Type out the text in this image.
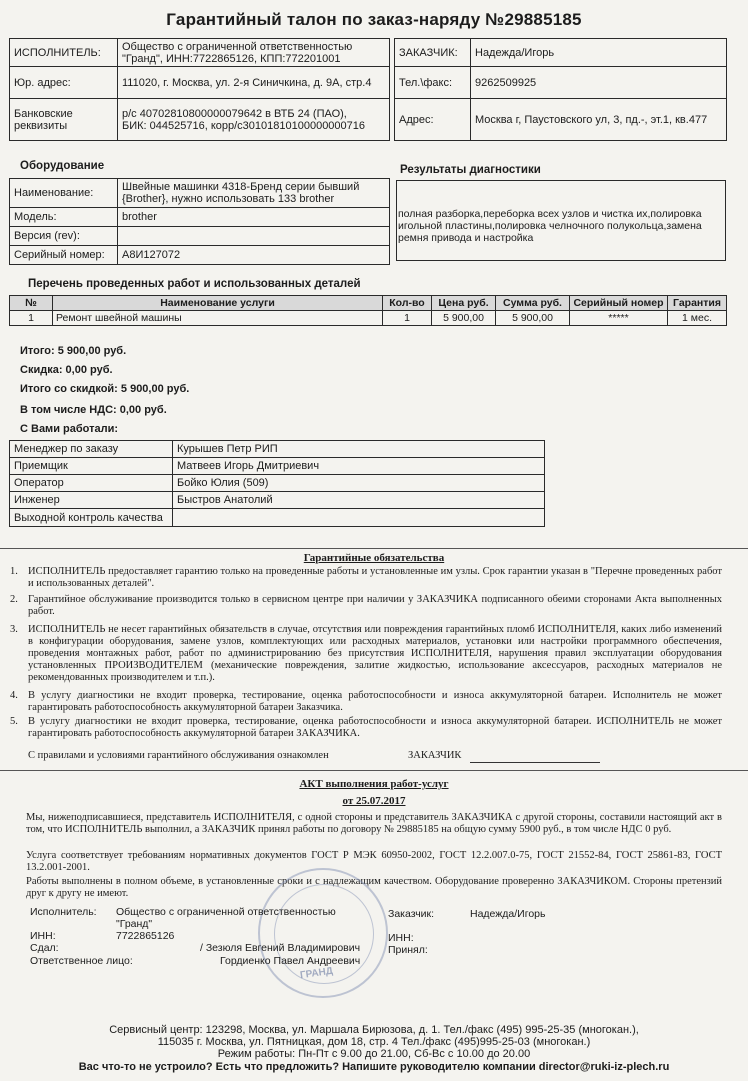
Гарантийный талон по заказ-наряду №29885185
ИСПОЛНИТЕЛЬ:	Общество с ограниченной ответственностью "Гранд", ИНН:7722865126, КПП:772201001
Юр. адрес:	111020, г. Москва, ул. 2-я Синичкина, д. 9А, стр.4
Банковские реквизиты	р/с 40702810800000079642 в ВТБ 24 (ПАО),
БИК: 044525716, корр/с30101810100000000716
ЗАКАЗЧИК:	Надежда/Игорь
Тел.\факс:	9262509925
Адрес:	Москва г, Паустовского ул, 3, пд.-, эт.1, кв.477
Оборудование
Наименование:	Швейные машинки 4318-Бренд серии бывший {Brother}, нужно использовать 133 brother
Модель:	brother
Версия (rev):	
Серийный номер:	А8И127072
Результаты диагностики
полная разборка,переборка всех узлов и чистка их,полировка игольной пластины,полировка челночного полукольца,замена ремня привода и настройка
Перечень проведенных работ и использованных деталей
№	Наименование услуги	Кол-во	Цена руб.	Сумма руб.	Серийный номер	Гарантия
1	Ремонт швейной машины	1	5 900,00	5 900,00	*****	1 мес.
Итого: 5 900,00 руб.
Скидка: 0,00 руб.
Итого со скидкой: 5 900,00 руб.
В том числе НДС: 0,00 руб.
С Вами работали:
Менеджер по заказу	Курышев Петр РИП
Приемщик	Матвеев Игорь Дмитриевич
Оператор	Бойко Юлия (509)
Инженер	Быстров Анатолий
Выходной контроль качества	
Гарантийные обязательства
1. ИСПОЛНИТЕЛЬ предоставляет гарантию только на проведенные работы и установленные им узлы. Срок гарантии указан в "Перечне проведенных работ и использованных деталей".
2. Гарантийное обслуживание производится только в сервисном центре при наличии у ЗАКАЗЧИКА подписанного обеими сторонами Акта выполненных работ.
3. ИСПОЛНИТЕЛЬ не несет гарантийных обязательств в случае, отсутствия или повреждения гарантийных пломб ИСПОЛНИТЕЛЯ, каких либо изменений в конфигурации оборудования, замене узлов, комплектующих или расходных материалов, установки или настройки программного обеспечения, проведения монтажных работ, работ по администрированию без присутствия ИСПОЛНИТЕЛЯ, нарушения правил эксплуатации оборудования установленных ПРОИЗВОДИТЕЛЕМ (механические повреждения, залитие жидкостью, использование аксессуаров, расходных материалов не рекомендованных производителем и т.п.).
4. В услугу диагностики не входит проверка, тестирование, оценка работоспособности и износа аккумуляторной батареи. Исполнитель не может гарантировать работоспособность аккумуляторной батареи Заказчика.
5. В услугу диагностики не входит проверка, тестирование, оценка работоспособности и износа аккумуляторной батареи. ИСПОЛНИТЕЛЬ не может гарантировать работоспособность аккумуляторной батареи ЗАКАЗЧИКА.
С правилами и условиями гарантийного обслуживания ознакомлен	ЗАКАЗЧИК
АКТ выполнения работ-услуг
от 25.07.2017
Мы, нижеподписавшиеся, представитель ИСПОЛНИТЕЛЯ, с одной стороны и представитель ЗАКАЗЧИКА с другой стороны, составили настоящий акт в том, что ИСПОЛНИТЕЛЬ выполнил, а ЗАКАЗЧИК принял работы по договору № 29885185 на общую сумму 5900 руб., в том числе НДС 0 руб.
Услуга соответствует требованиям нормативных документов ГОСТ Р МЭК 60950-2002, ГОСТ 12.2.007.0-75, ГОСТ 21552-84, ГОСТ 25861-83, ГОСТ 13.2.001-2001.
Работы выполнены в полном объеме, в установленные сроки и с надлежащим качеством. Оборудование проверенно ЗАКАЗЧИКОМ. Стороны претензий друг к другу не имеют.
ГРАНД
Исполнитель: Общество с ограниченной ответственностью
"Гранд"
ИНН:	7722865126
Сдал:	/ Зезюля Евгений Владимирович
Ответственное лицо:	Гордиенко Павел Андреевич
Заказчик:	Надежда/Игорь
ИНН:
Принял:
Сервисный центр: 123298, Москва, ул. Маршала Бирюзова, д. 1. Тел./факс (495) 995-25-35 (многокан.),
115035 г. Москва, ул. Пятницкая, дом 18, стр. 4 Тел./факс (495)995-25-03 (многокан.)
Режим работы: Пн-Пт с 9.00 до 21.00, Сб-Вс с 10.00 до 20.00
Вас что-то не устроило? Есть что предложить? Напишите руководителю компании director@ruki-iz-plech.ru
